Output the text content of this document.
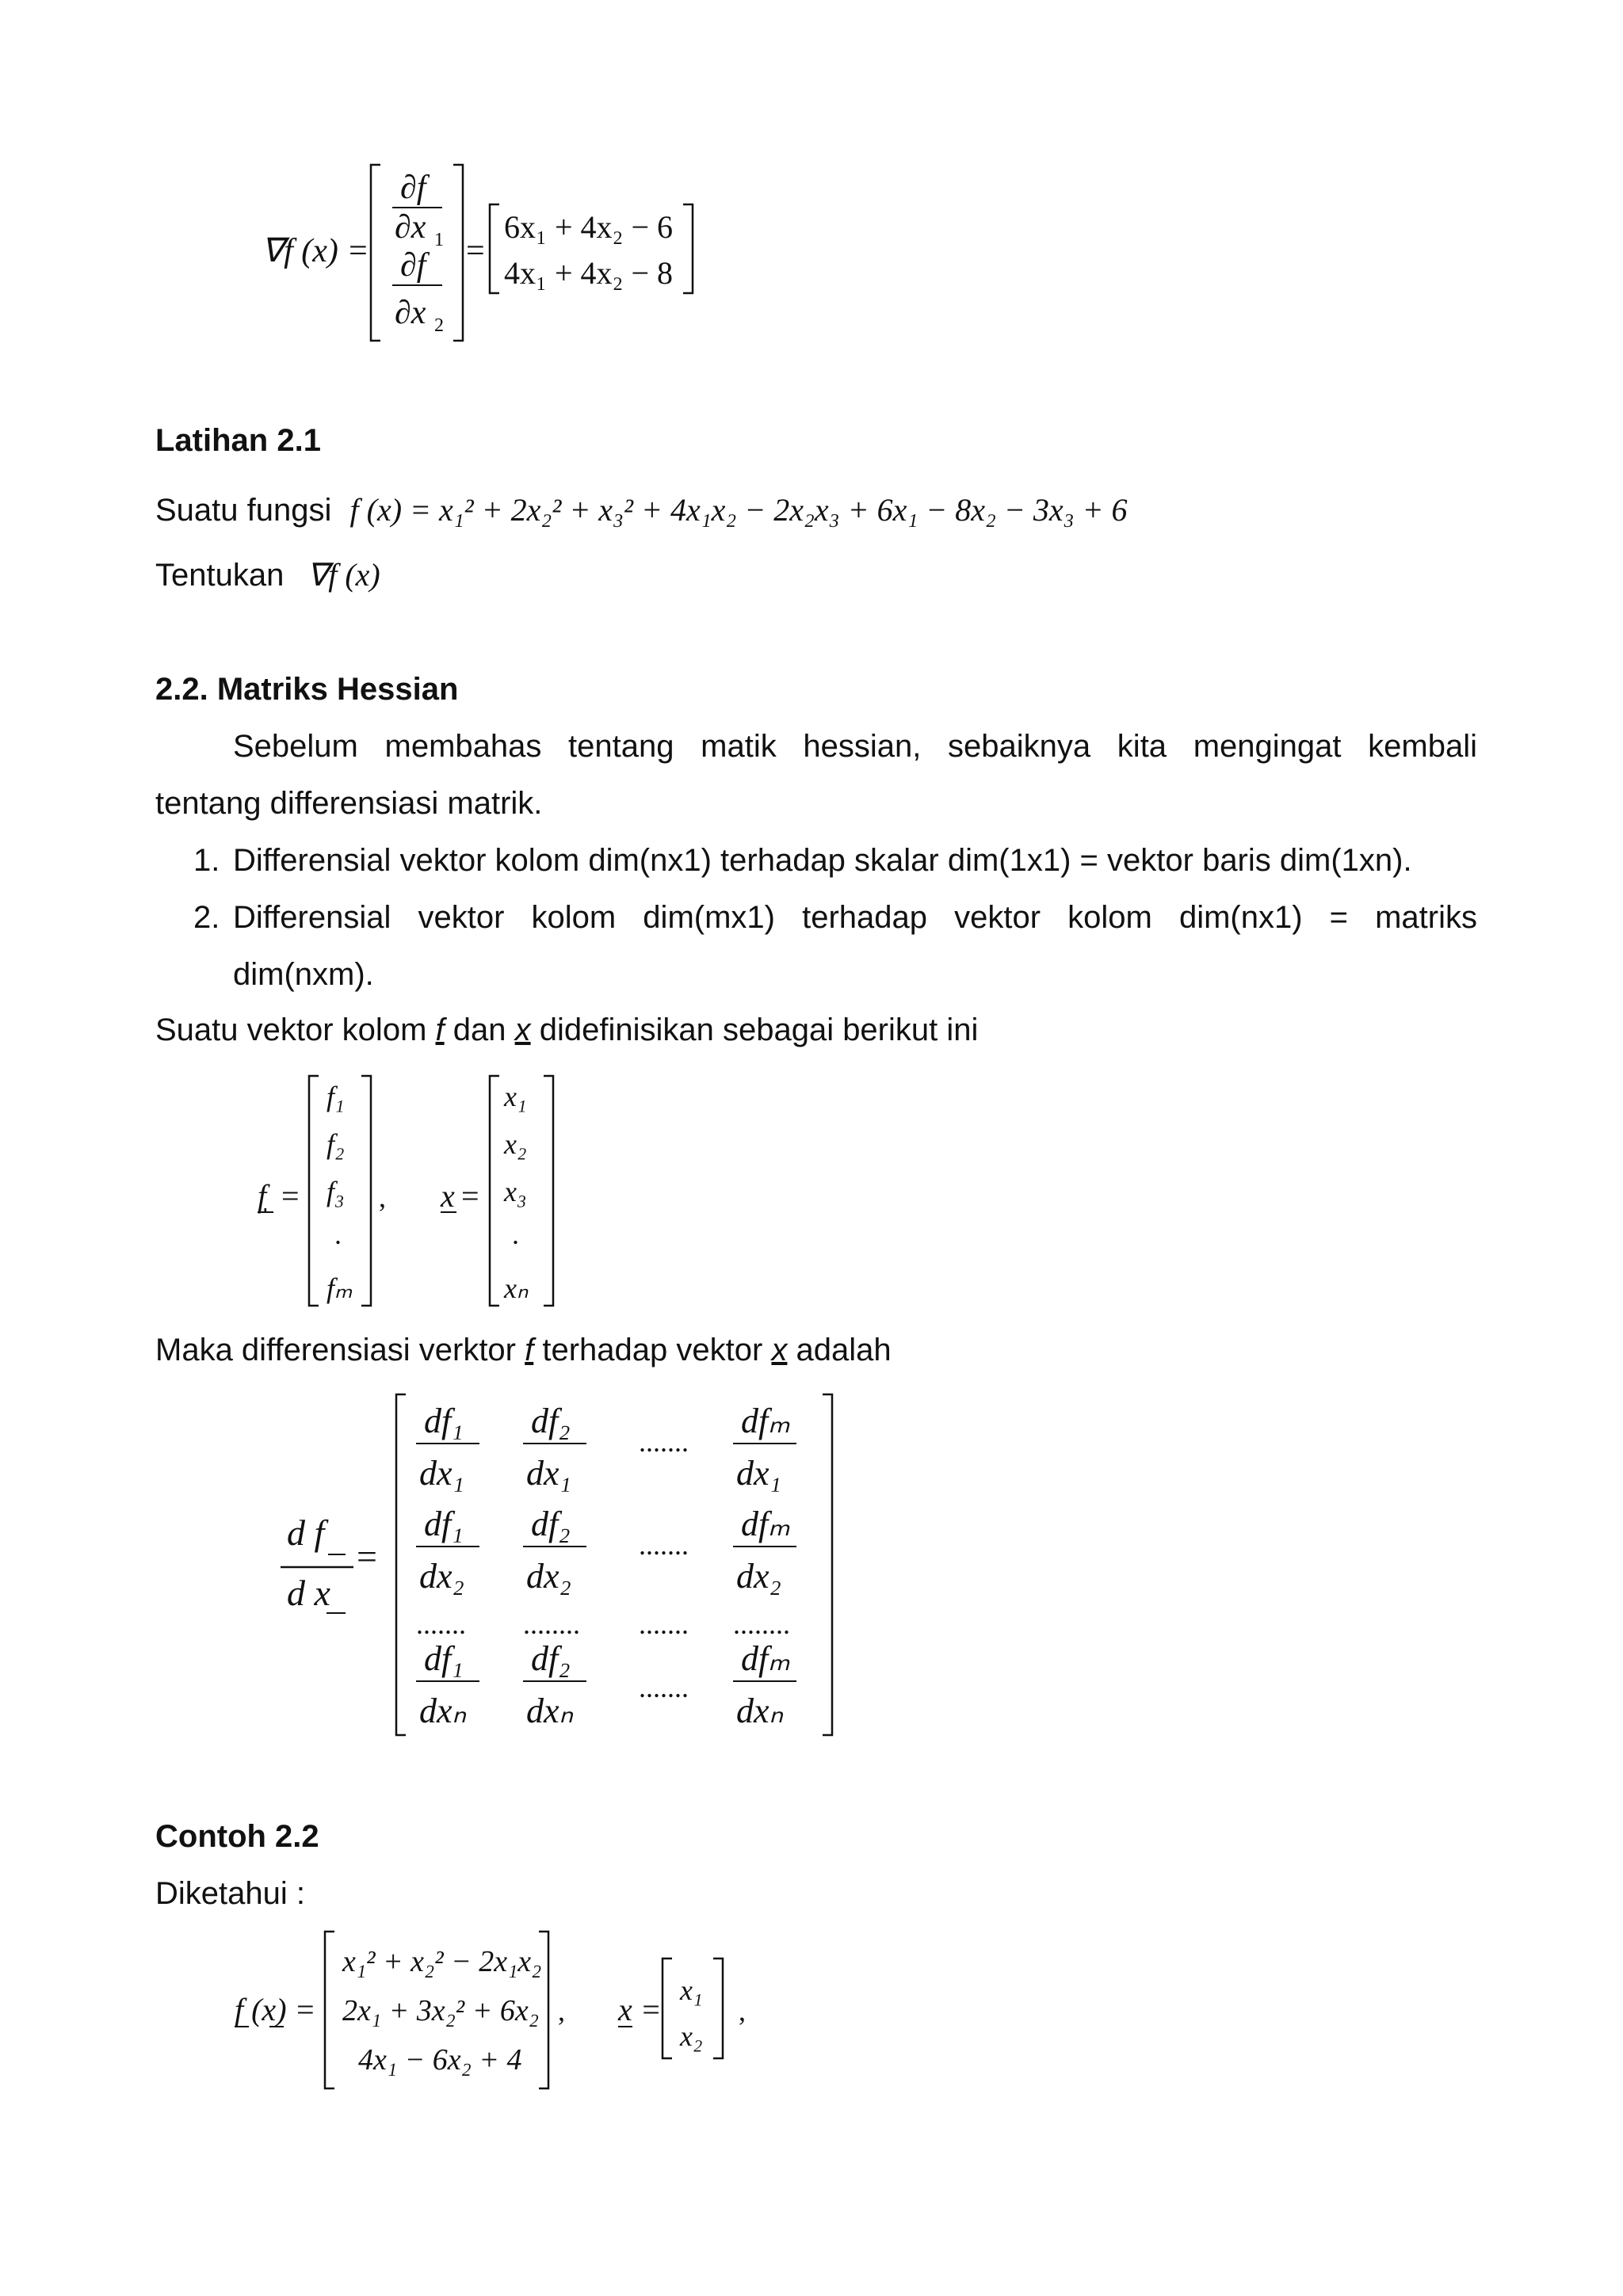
∇f (x) =
∂f
∂x 1
∂f
∂x 2
=
6x₁ + 4x₂ − 6
4x₁ + 4x₂ − 8
Latihan 2.1
Suatu fungsi f (x) = x₁² + 2x₂² + x₃² + 4x₁x₂ − 2x₂x₃ + 6x₁ − 8x₂ − 3x₃ + 6
Tentukan ∇f (x)
2.2. Matriks Hessian
Sebelum membahas tentang matik hessian, sebaiknya kita mengingat kembali
tentang differensiasi matrik.
1. Differensial vektor kolom dim(nx1) terhadap skalar dim(1x1) = vektor baris dim(1xn).
2. Differensial vektor kolom dim(mx1) terhadap vektor kolom dim(nx1) = matriks
dim(nxm).
Suatu vektor kolom f dan x didefinisikan sebagai berikut ini
f =
f₁
f₂
f₃
.
fₘ
, x =
x₁
x₂
x₃
.
xₙ
Maka differensiasi verktor f terhadap vektor x adalah
d f
d x
=
df₁
dx₁
df₂
dx₁
.......
dfₘ
dx₁
df₁
dx₂
df₂
dx₂
.......
dfₘ
dx₂
....... ........ ....... ........
df₁
dxₙ
df₂
dxₙ
.......
dfₘ
dxₙ
Contoh 2.2
Diketahui :
f (x) =
x₁² + x₂² − 2x₁x₂
2x₁ + 3x₂² + 6x₂
4x₁ − 6x₂ + 4
, x =
x₁
x₂
,
